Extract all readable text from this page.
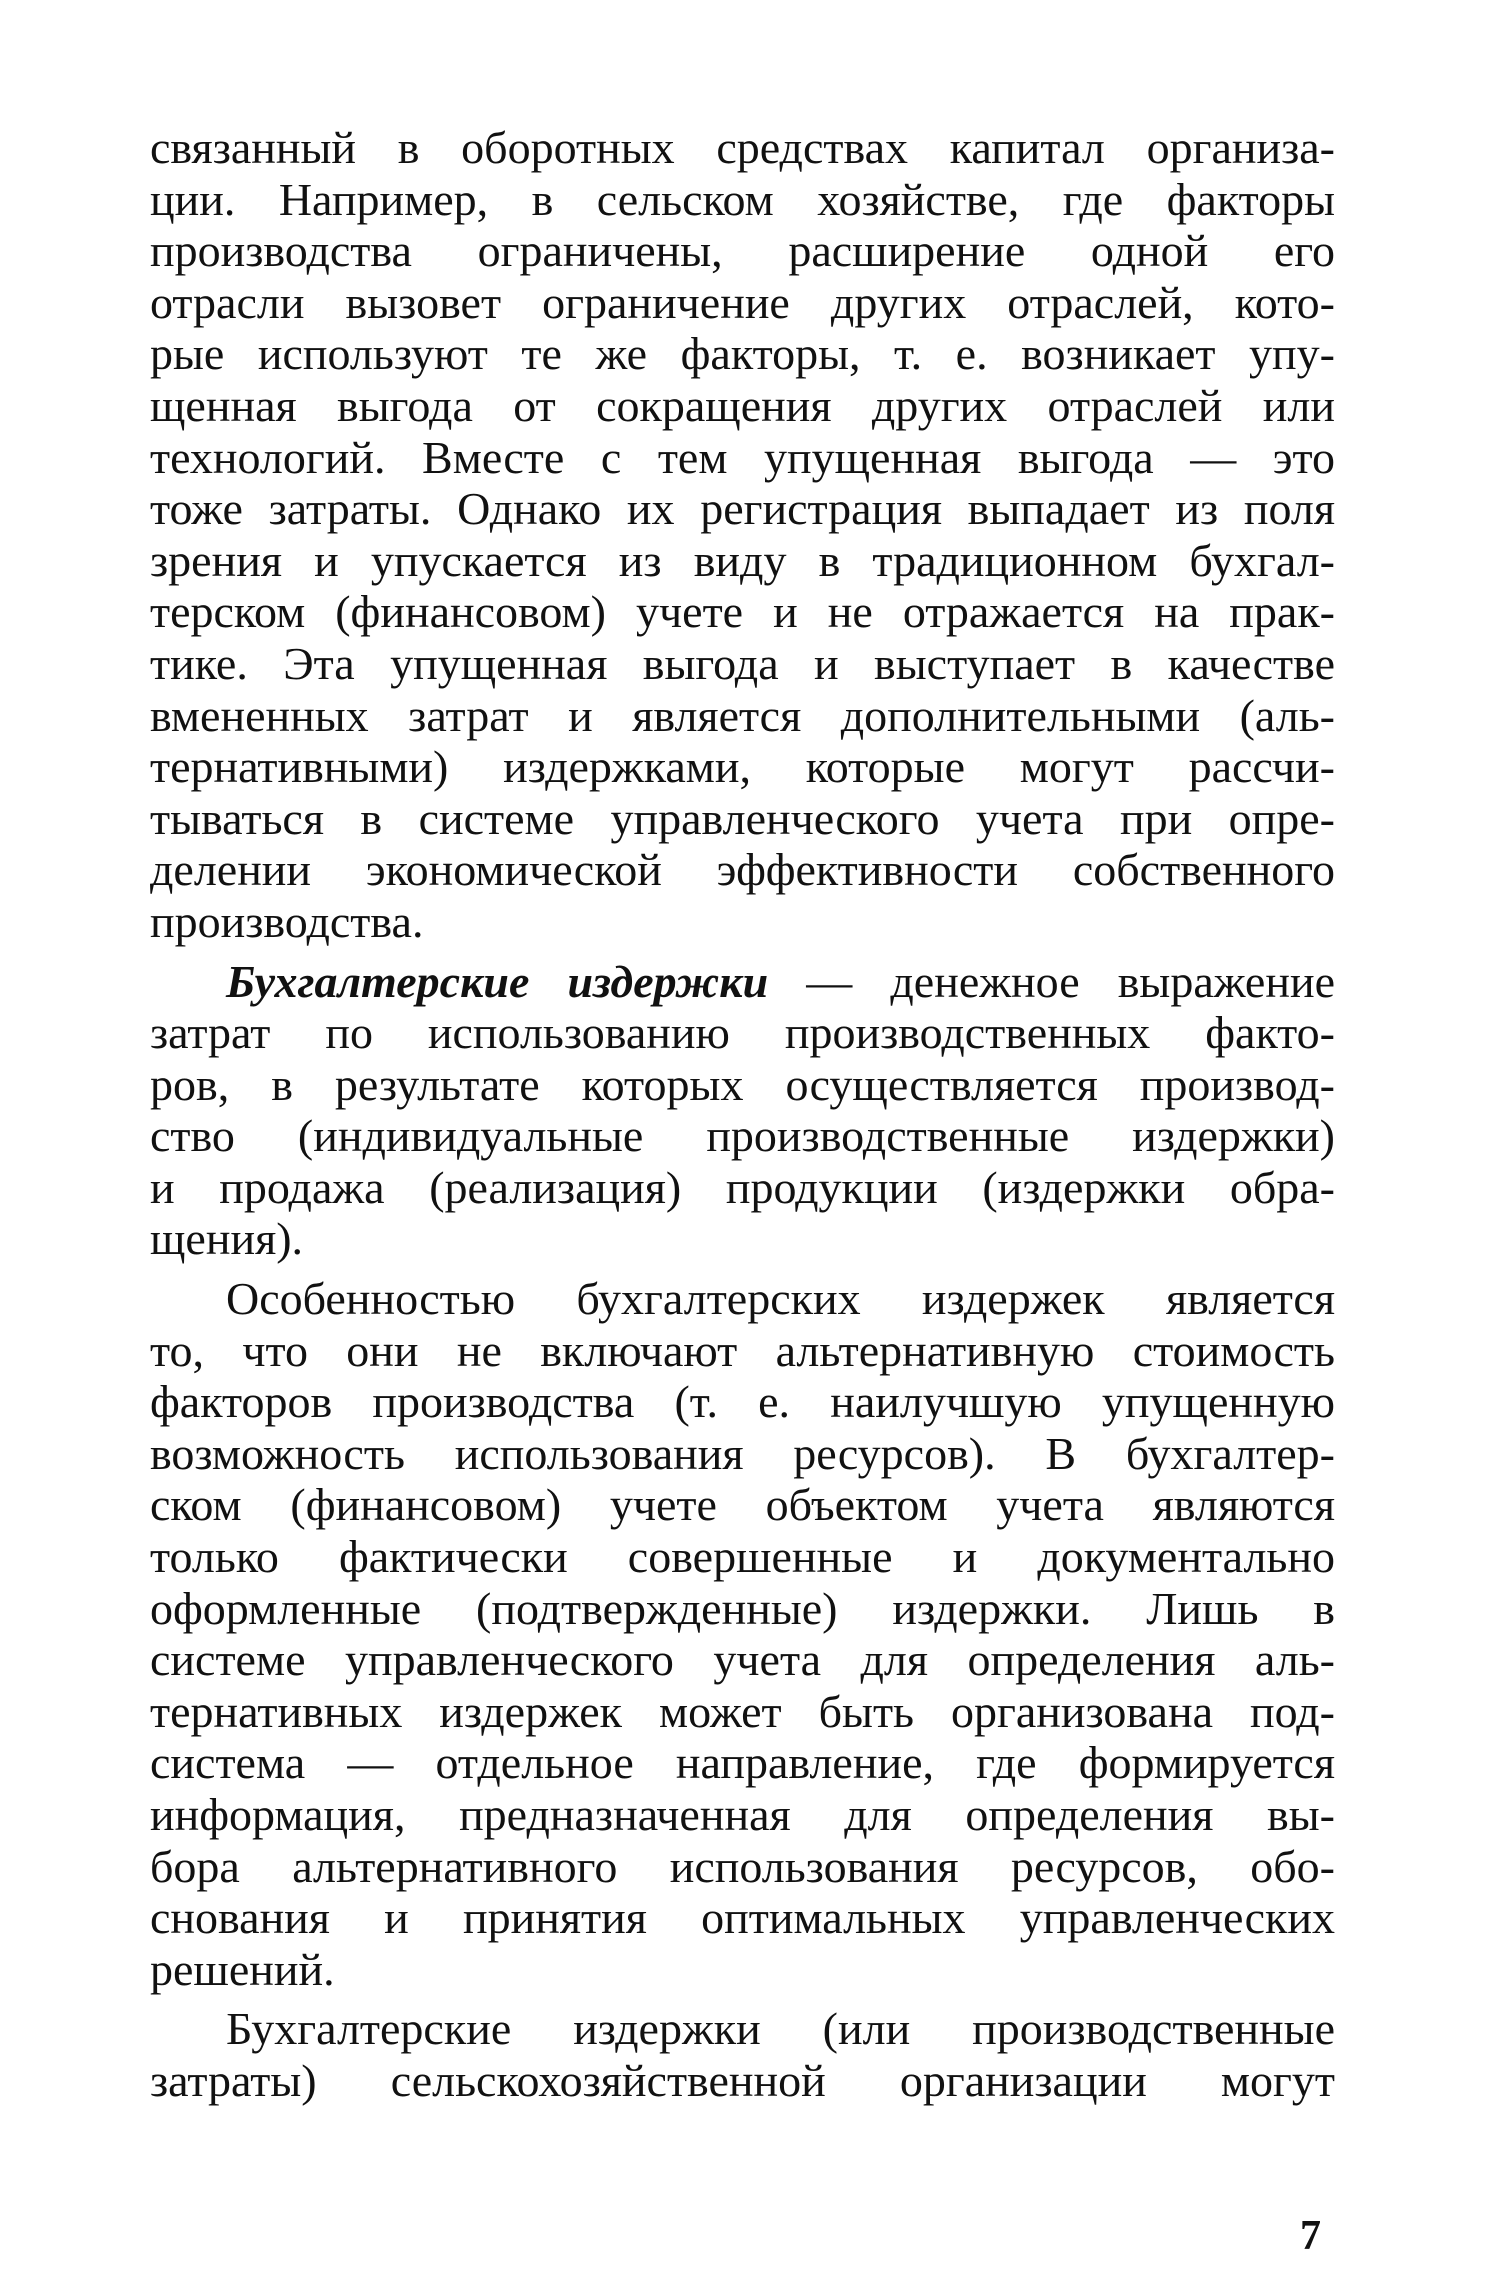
связанный в оборотных средствах капитал организа-
ции. Например, в сельском хозяйстве, где факторы
производства ограничены, расширение одной его
отрасли вызовет ограничение других отраслей, кото-
рые используют те же факторы, т. е. возникает упу-
щенная выгода от сокращения других отраслей или
технологий. Вместе с тем упущенная выгода — это
тоже затраты. Однако их регистрация выпадает из поля
зрения и упускается из виду в традиционном бухгал-
терском (финансовом) учете и не отражается на прак-
тике. Эта упущенная выгода и выступает в качестве
вмененных затрат и является дополнительными (аль-
тернативными) издержками, которые могут рассчи-
тываться в системе управленческого учета при опре-
делении экономической эффективности собственного
производства.
Бухгалтерские издержки — денежное выражение
затрат по использованию производственных факто-
ров, в результате которых осуществляется производ-
ство (индивидуальные производственные издержки)
и продажа (реализация) продукции (издержки обра-
щения).
Особенностью бухгалтерских издержек является
то, что они не включают альтернативную стоимость
факторов производства (т. е. наилучшую упущенную
возможность использования ресурсов). В бухгалтер-
ском (финансовом) учете объектом учета являются
только фактически совершенные и документально
оформленные (подтвержденные) издержки. Лишь в
системе управленческого учета для определения аль-
тернативных издержек может быть организована под-
система — отдельное направление, где формируется
информация, предназначенная для определения вы-
бора альтернативного использования ресурсов, обо-
снования и принятия оптимальных управленческих
решений.
Бухгалтерские издержки (или производственные
затраты) сельскохозяйственной организации могут
7
